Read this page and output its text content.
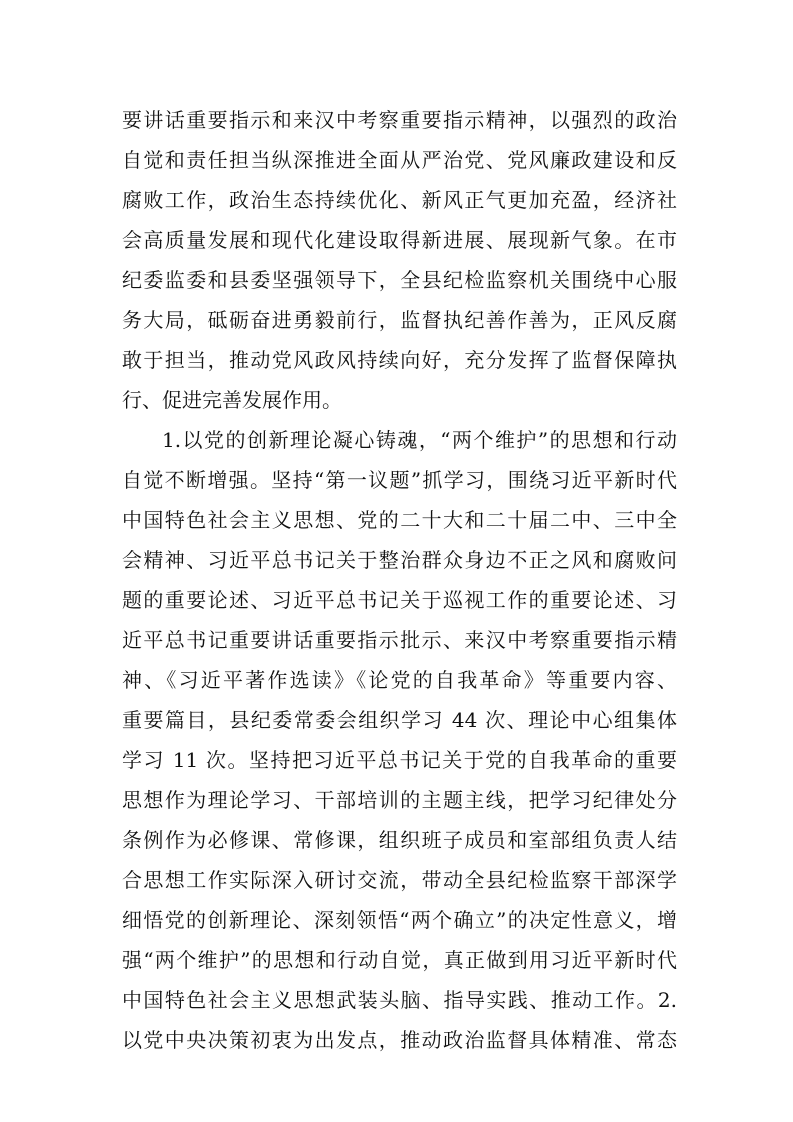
要讲话重要指示和来汉中考察重要指示精神，以强烈的政治
自觉和责任担当纵深推进全面从严治党、党风廉政建设和反
腐败工作，政治生态持续优化、新风正气更加充盈，经济社
会高质量发展和现代化建设取得新进展、展现新气象。在市
纪委监委和县委坚强领导下，全县纪检监察机关围绕中心服
务大局，砥砺奋进勇毅前行，监督执纪善作善为，正风反腐
敢于担当，推动党风政风持续向好，充分发挥了监督保障执
行、促进完善发展作用。
1.以党的创新理论凝心铸魂，“两个维护”的思想和行动
自觉不断增强。坚持“第一议题”抓学习，围绕习近平新时代
中国特色社会主义思想、党的二十大和二十届二中、三中全
会精神、习近平总书记关于整治群众身边不正之风和腐败问
题的重要论述、习近平总书记关于巡视工作的重要论述、习
近平总书记重要讲话重要指示批示、来汉中考察重要指示精
神、《习近平著作选读》《论党的自我革命》等重要内容、
重要篇目，县纪委常委会组织学习 44 次、理论中心组集体
学习 11 次。坚持把习近平总书记关于党的自我革命的重要
思想作为理论学习、干部培训的主题主线，把学习纪律处分
条例作为必修课、常修课，组织班子成员和室部组负责人结
合思想工作实际深入研讨交流，带动全县纪检监察干部深学
细悟党的创新理论、深刻领悟“两个确立”的决定性意义，增
强“两个维护”的思想和行动自觉，真正做到用习近平新时代
中国特色社会主义思想武装头脑、指导实践、推动工作。2.
以党中央决策初衷为出发点，推动政治监督具体精准、常态
